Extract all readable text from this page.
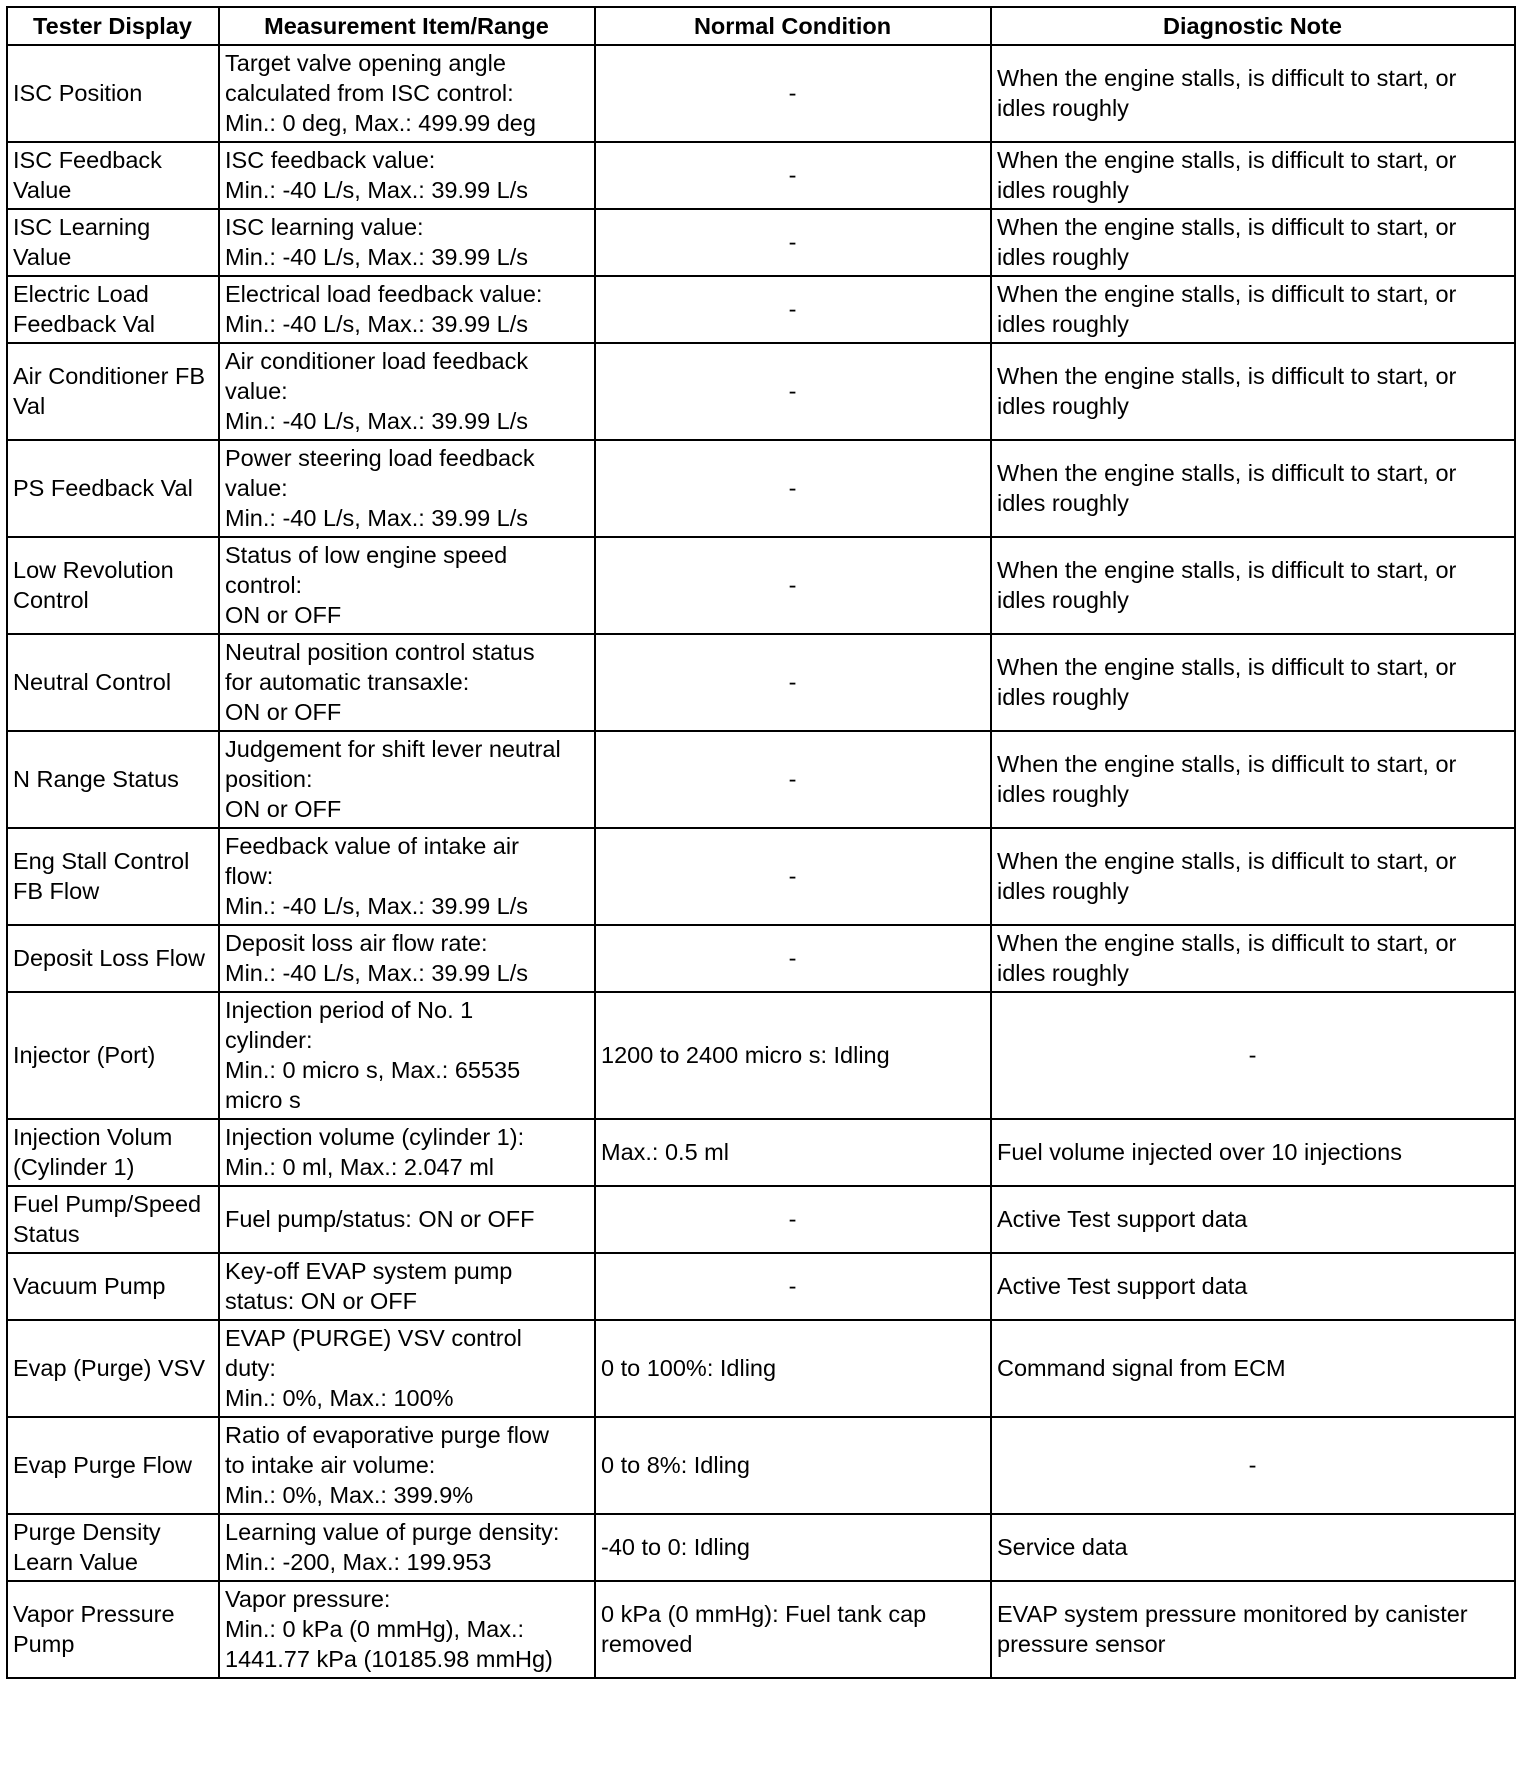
Tester Display	Measurement Item/Range	Normal Condition	Diagnostic Note
ISC Position	Target valve opening angle
calculated from ISC control:
Min.: 0 deg, Max.: 499.99 deg	-	When the engine stalls, is difficult to start, or idles roughly
ISC Feedback Value	ISC feedback value:
Min.: -40 L/s, Max.: 39.99 L/s	-	When the engine stalls, is difficult to start, or idles roughly
ISC Learning Value	ISC learning value:
Min.: -40 L/s, Max.: 39.99 L/s	-	When the engine stalls, is difficult to start, or idles roughly
Electric Load Feedback Val	Electrical load feedback value:
Min.: -40 L/s, Max.: 39.99 L/s	-	When the engine stalls, is difficult to start, or idles roughly
Air Conditioner FB Val	Air conditioner load feedback
value:
Min.: -40 L/s, Max.: 39.99 L/s	-	When the engine stalls, is difficult to start, or idles roughly
PS Feedback Val	Power steering load feedback
value:
Min.: -40 L/s, Max.: 39.99 L/s	-	When the engine stalls, is difficult to start, or idles roughly
Low Revolution Control	Status of low engine speed
control:
ON or OFF	-	When the engine stalls, is difficult to start, or idles roughly
Neutral Control	Neutral position control status
for automatic transaxle:
ON or OFF	-	When the engine stalls, is difficult to start, or idles roughly
N Range Status	Judgement for shift lever neutral
position:
ON or OFF	-	When the engine stalls, is difficult to start, or idles roughly
Eng Stall Control FB Flow	Feedback value of intake air
flow:
Min.: -40 L/s, Max.: 39.99 L/s	-	When the engine stalls, is difficult to start, or idles roughly
Deposit Loss Flow	Deposit loss air flow rate:
Min.: -40 L/s, Max.: 39.99 L/s	-	When the engine stalls, is difficult to start, or idles roughly
Injector (Port)	Injection period of No. 1
cylinder:
Min.: 0 micro s, Max.: 65535
micro s	1200 to 2400 micro s: Idling	-
Injection Volum (Cylinder 1)	Injection volume (cylinder 1):
Min.: 0 ml, Max.: 2.047 ml	Max.: 0.5 ml	Fuel volume injected over 10 injections
Fuel Pump/Speed Status	Fuel pump/status: ON or OFF	-	Active Test support data
Vacuum Pump	Key-off EVAP system pump
status: ON or OFF	-	Active Test support data
Evap (Purge) VSV	EVAP (PURGE) VSV control
duty:
Min.: 0%, Max.: 100%	0 to 100%: Idling	Command signal from ECM
Evap Purge Flow	Ratio of evaporative purge flow
to intake air volume:
Min.: 0%, Max.: 399.9%	0 to 8%: Idling	-
Purge Density Learn Value	Learning value of purge density:
Min.: -200, Max.: 199.953	-40 to 0: Idling	Service data
Vapor Pressure Pump	Vapor pressure:
Min.: 0 kPa (0 mmHg), Max.:
1441.77 kPa (10185.98 mmHg)	0 kPa (0 mmHg): Fuel tank cap removed	EVAP system pressure monitored by canister pressure sensor
